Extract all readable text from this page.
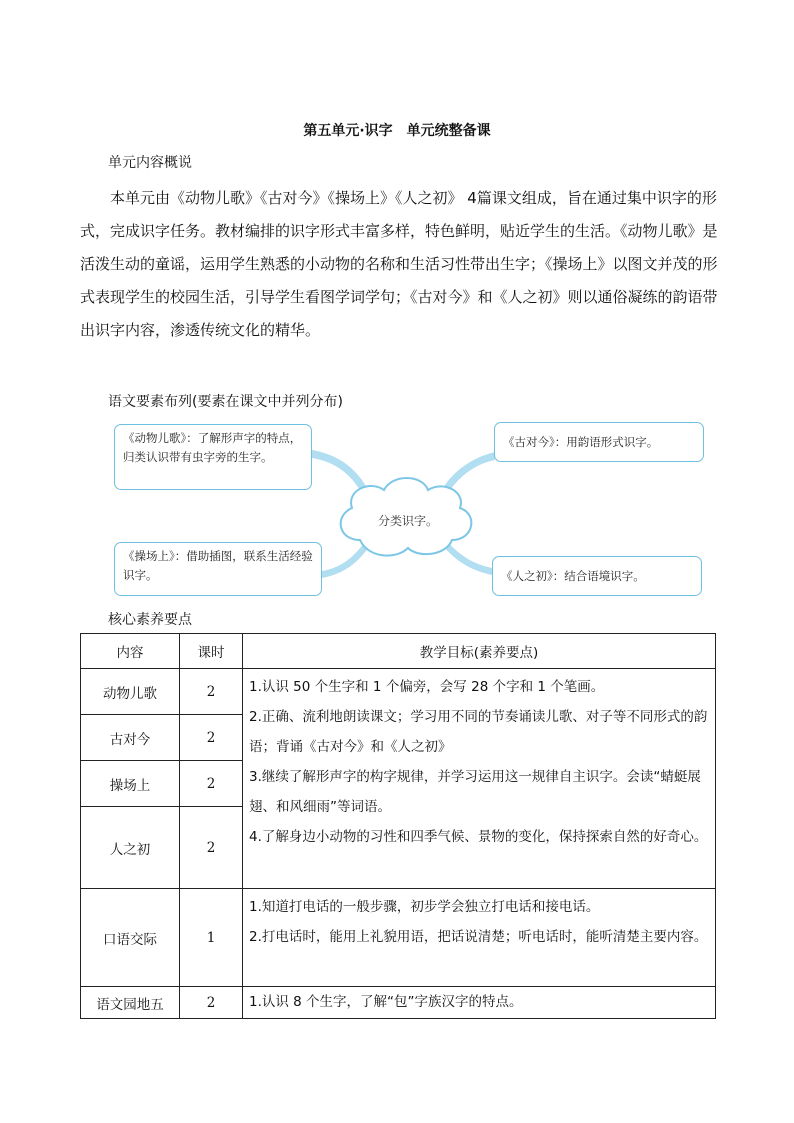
第五单元·识字　单元统整备课
单元内容概说

本单元由《动物儿歌》《古对今》《操场上》《人之初》 4篇课文组成，旨在通过集中识字的形式，完成识字任务。教材编排的识字形式丰富多样，特色鲜明，贴近学生的生活。《动物儿歌》是活泼生动的童谣，运用学生熟悉的小动物的名称和生活习性带出生字；《操场上》以图文并茂的形式表现学生的校园生活，引导学生看图学词学句；《古对今》和《人之初》则以通俗凝练的韵语带出识字内容，渗透传统文化的精华。

语文要素布列(要素在课文中并列分布)
分类识字。
《动物儿歌》：了解形声字的特点，归类认识带有虫字旁的生字。
《古对今》：用韵语形式识字。
《操场上》：借助插图，联系生活经验识字。	《人之初》：结合语境识字。
核心素养要点
内容	课时	教学目标(素养要点)
动物儿歌	2	1.认识 50 个生字和 1 个偏旁，会写 28 个字和 1 个笔画。

2.正确、流利地朗读课文；学习用不同的节奏诵读儿歌、对子等不同形式的韵语；背诵《古对今》和《人之初》

3.继续了解形声字的构字规律，并学习运用这一规律自主识字。会读“蜻蜓展翅、和风细雨”等词语。

4.了解身边小动物的习性和四季气候、景物的变化，保持探索自然的好奇心。

古对今	2	
操场上	2	
人之初	2	
口语交际	1	1.知道打电话的一般步骤，初步学会独立打电话和接电话。

2.打电话时，能用上礼貌用语，把话说清楚；听电话时，能听清楚主要内容。

语文园地五	2	1.认识 8 个生字，了解“包”字族汉字的特点。
